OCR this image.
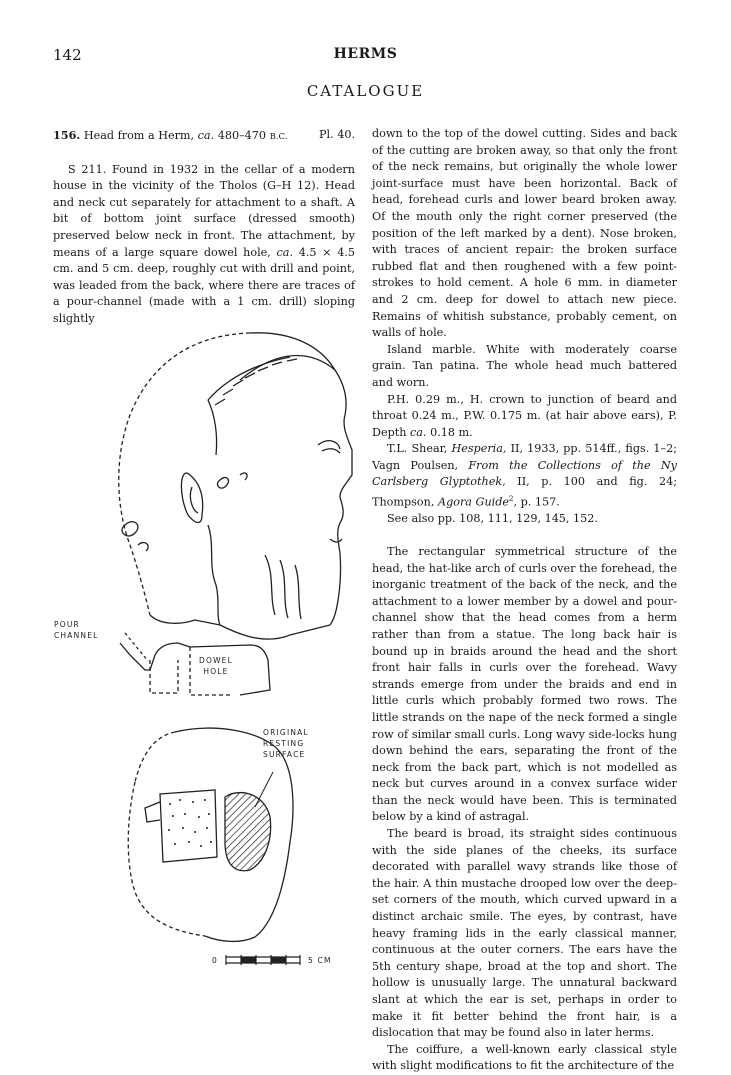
142	HERMS
CATALOGUE
156. Head from a Herm, ca. 480–470 B.C.	Pl. 40.

S 211. Found in 1932 in the cellar of a modern house in the vicinity of the Tholos (G–H 12). Head and neck cut separately for attachment to a shaft. A bit of bottom joint surface (dressed smooth) preserved below neck in front. The attachment, by means of a large square dowel hole, ca. 4.5 × 4.5 cm. and 5 cm. deep, roughly cut with drill and point, was leaded from the back, where there are traces of a pour-channel (made with a 1 cm. drill) sloping slightly

POUR
CHANNEL
DOWEL
HOLE
ORIGINAL
RESTING
SURFACE
0	5 CM

down to the top of the dowel cutting. Sides and back of the cutting are broken away, so that only the front of the neck remains, but originally the whole lower joint-surface must have been horizontal. Back of head, forehead curls and lower beard broken away. Of the mouth only the right corner preserved (the position of the left marked by a dent). Nose broken, with traces of ancient repair: the broken surface rubbed flat and then roughened with a few point-strokes to hold cement. A hole 6 mm. in diameter and 2 cm. deep for dowel to attach new piece. Remains of whitish substance, probably cement, on walls of hole.

Island marble. White with moderately coarse grain. Tan patina. The whole head much battered and worn.

P.H. 0.29 m., H. crown to junction of beard and throat 0.24 m., P.W. 0.175 m. (at hair above ears), P. Depth ca. 0.18 m.

T.L. Shear, Hesperia, II, 1933, pp. 514ff., figs. 1–2; Vagn Poulsen, From the Collections of the Ny Carlsberg Glyptothek, II, p. 100 and fig. 24; Thompson, Agora Guide$^2$, p. 157.

See also pp. 108, 111, 129, 145, 152.

The rectangular symmetrical structure of the head, the hat-like arch of curls over the forehead, the inorganic treatment of the back of the neck, and the attachment to a lower member by a dowel and pour-channel show that the head comes from a herm rather than from a statue. The long back hair is bound up in braids around the head and the short front hair falls in curls over the forehead. Wavy strands emerge from under the braids and end in little curls which probably formed two rows. The little strands on the nape of the neck formed a single row of similar small curls. Long wavy side-locks hung down behind the ears, separating the front of the neck from the back part, which is not modelled as neck but curves around in a convex surface wider than the neck would have been. This is terminated below by a kind of astragal.

The beard is broad, its straight sides continuous with the side planes of the cheeks, its surface decorated with parallel wavy strands like those of the hair. A thin mustache drooped low over the deep-set corners of the mouth, which curved upward in a distinct archaic smile. The eyes, by contrast, have heavy framing lids in the early classical manner, continuous at the outer corners. The ears have the 5th century shape, broad at the top and short. The hollow is unusually large. The unnatural backward slant at which the ear is set, perhaps in order to make it fit better behind the front hair, is a dislocation that may be found also in later herms.

The coiffure, a well-known early classical style with slight modifications to fit the architecture of the
